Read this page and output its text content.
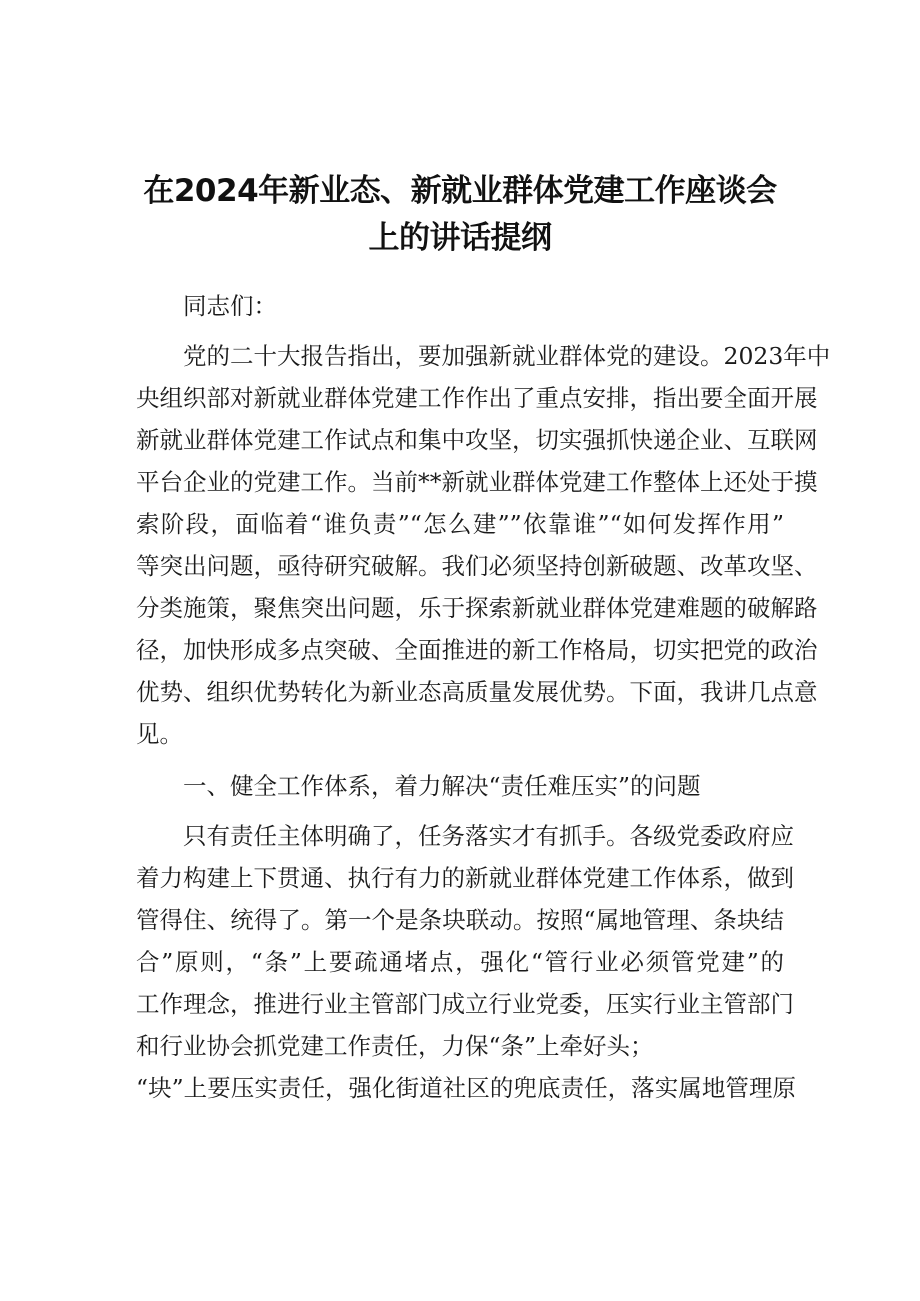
在2024年新业态、新就业群体党建工作座谈会
上的讲话提纲
同志们：
党的二十大报告指出，要加强新就业群体党的建设。2023年中
央组织部对新就业群体党建工作作出了重点安排，指出要全面开展
新就业群体党建工作试点和集中攻坚，切实强抓快递企业、互联网
平台企业的党建工作。当前**新就业群体党建工作整体上还处于摸
索阶段，面临着“谁负责”“怎么建””依靠谁”“如何发挥作用”
等突出问题，亟待研究破解。我们必须坚持创新破题、改革攻坚、
分类施策，聚焦突出问题，乐于探索新就业群体党建难题的破解路
径，加快形成多点突破、全面推进的新工作格局，切实把党的政治
优势、组织优势转化为新业态高质量发展优势。下面，我讲几点意
见。
一、健全工作体系，着力解决“责任难压实”的问题
只有责任主体明确了，任务落实才有抓手。各级党委政府应
着力构建上下贯通、执行有力的新就业群体党建工作体系，做到
管得住、统得了。第一个是条块联动。按照“属地管理、条块结
合”原则，“条”上要疏通堵点，强化“管行业必须管党建”的
工作理念，推进行业主管部门成立行业党委，压实行业主管部门
和行业协会抓党建工作责任，力保“条”上牵好头；
“块”上要压实责任，强化街道社区的兜底责任，落实属地管理原
